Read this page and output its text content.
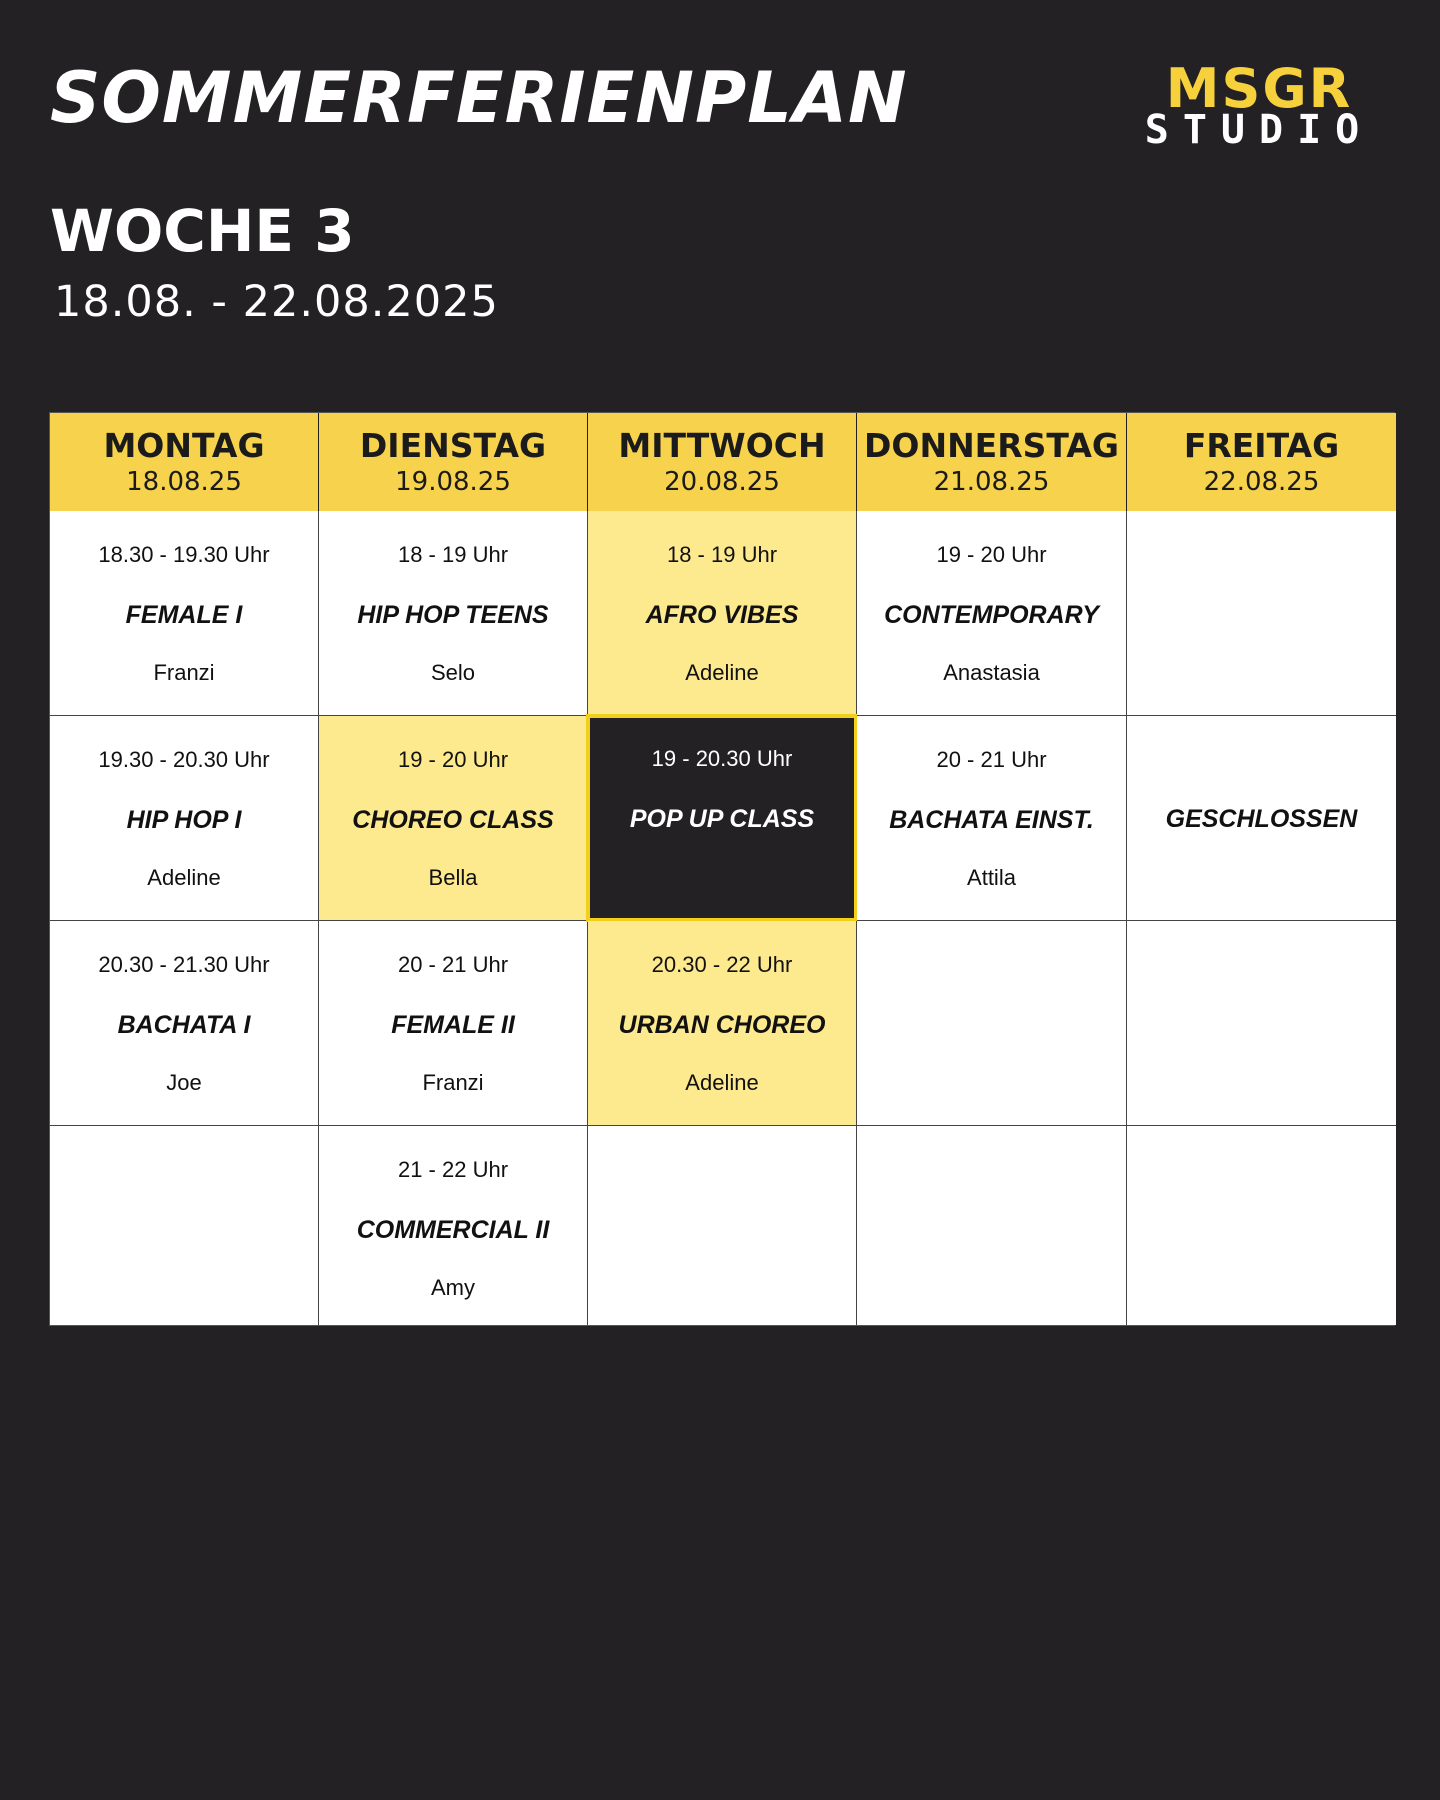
SOMMERFERIENPLAN	MSGR
STUDIO
WOCHE 3
18.08. - 22.08.2025
MONTAG
18.08.25
18.30 - 19.30 Uhr
FEMALE I
Franzi
19.30 - 20.30 Uhr
HIP HOP I
Adeline
20.30 - 21.30 Uhr
BACHATA I
Joe
DIENSTAG
19.08.25
18 - 19 Uhr
HIP HOP TEENS
Selo
19 - 20 Uhr
CHOREO CLASS
Bella
20 - 21 Uhr
FEMALE II
Franzi
21 - 22 Uhr
COMMERCIAL II
Amy
MITTWOCH
20.08.25
18 - 19 Uhr
AFRO VIBES
Adeline
19 - 20.30 Uhr
POP UP CLASS
20.30 - 22 Uhr
URBAN CHOREO
Adeline
DONNERSTAG
21.08.25
19 - 20 Uhr
CONTEMPORARY
Anastasia
20 - 21 Uhr
BACHATA EINST.
Attila
FREITAG
22.08.25
GESCHLOSSEN
